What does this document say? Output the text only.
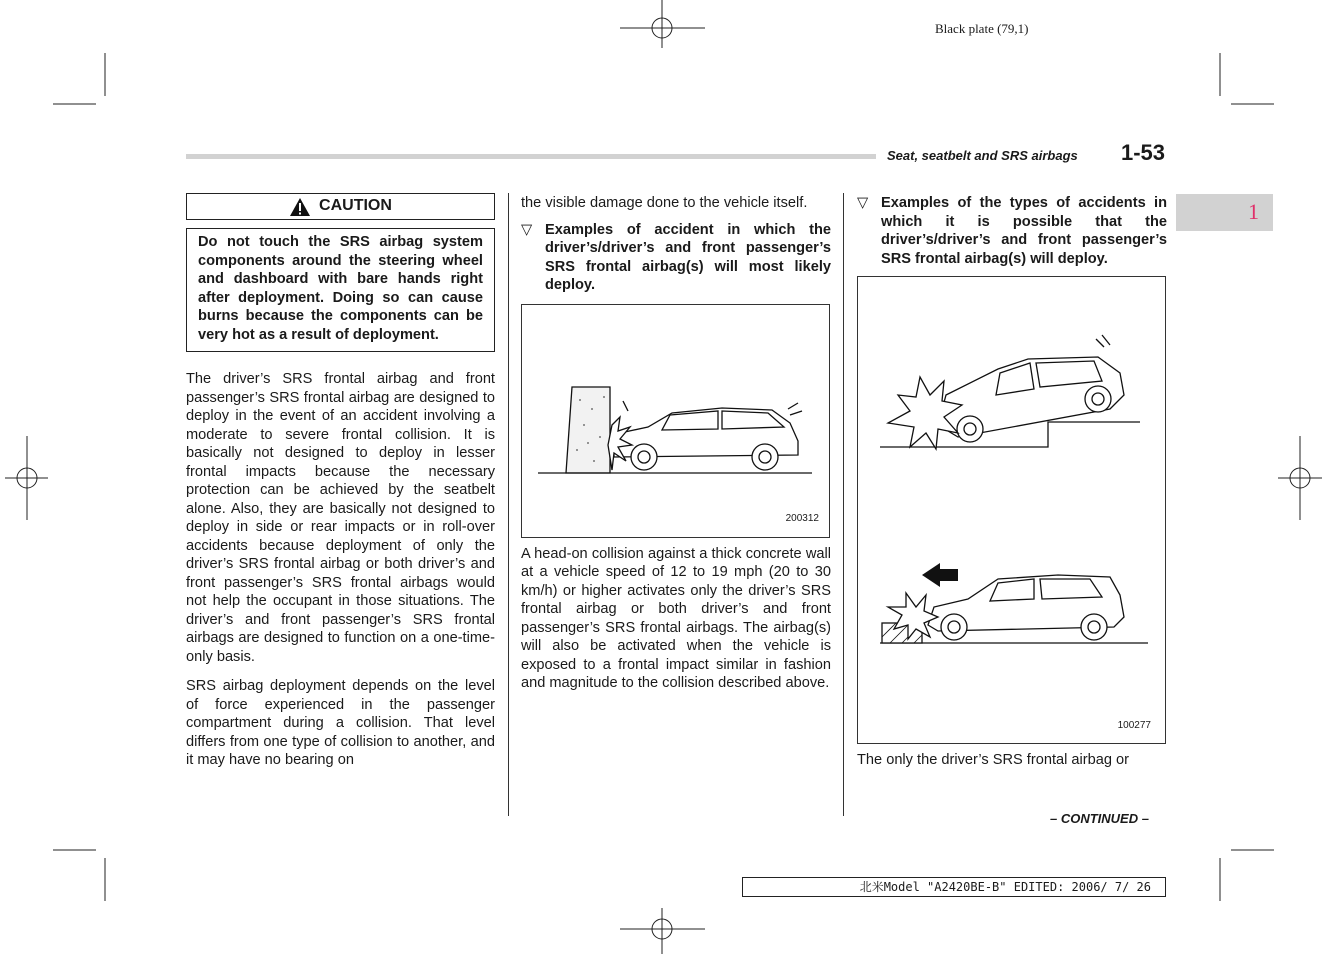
Black plate (79,1)
Seat, seatbelt and SRS airbags 1-53
1
CAUTION

Do not touch the SRS airbag system components around the steering wheel and dashboard with bare hands right after deployment. Doing so can cause burns because the components can be very hot as a result of deployment.

The driver’s SRS frontal airbag and front passenger’s SRS frontal airbag are designed to deploy in the event of an accident involving a moderate to severe frontal collision. It is basically not designed to deploy in lesser frontal impacts because the necessary protection can be achieved by the seatbelt alone. Also, they are basically not designed to deploy in side or rear impacts or in roll-over accidents because deployment of only the driver’s SRS frontal airbag or both driver’s and front passenger’s SRS frontal airbags would not help the occupant in those situations. The driver’s and front passenger’s SRS frontal airbags are designed to function on a one-time-only basis.

SRS airbag deployment depends on the level of force experienced in the passenger compartment during a collision. That level differs from one type of collision to another, and it may have no bearing on

the visible damage done to the vehicle itself.

▽ Examples of accident in which the driver’s/driver’s and front passenger’s SRS frontal airbag(s) will most likely deploy.
200312

A head-on collision against a thick concrete wall at a vehicle speed of 12 to 19 mph (20 to 30 km/h) or higher activates only the driver’s SRS frontal airbag or both driver’s and front passenger’s SRS frontal airbags. The airbag(s) will also be activated when the vehicle is exposed to a frontal impact similar in fashion and magnitude to the collision described above.

▽ Examples of the types of accidents in which it is possible that the driver’s/driver’s and front passenger’s SRS frontal airbag(s) will deploy.
100277

The only the driver’s SRS frontal airbag or

– CONTINUED –
北米Model "A2420BE-B" EDITED: 2006/ 7/ 26
